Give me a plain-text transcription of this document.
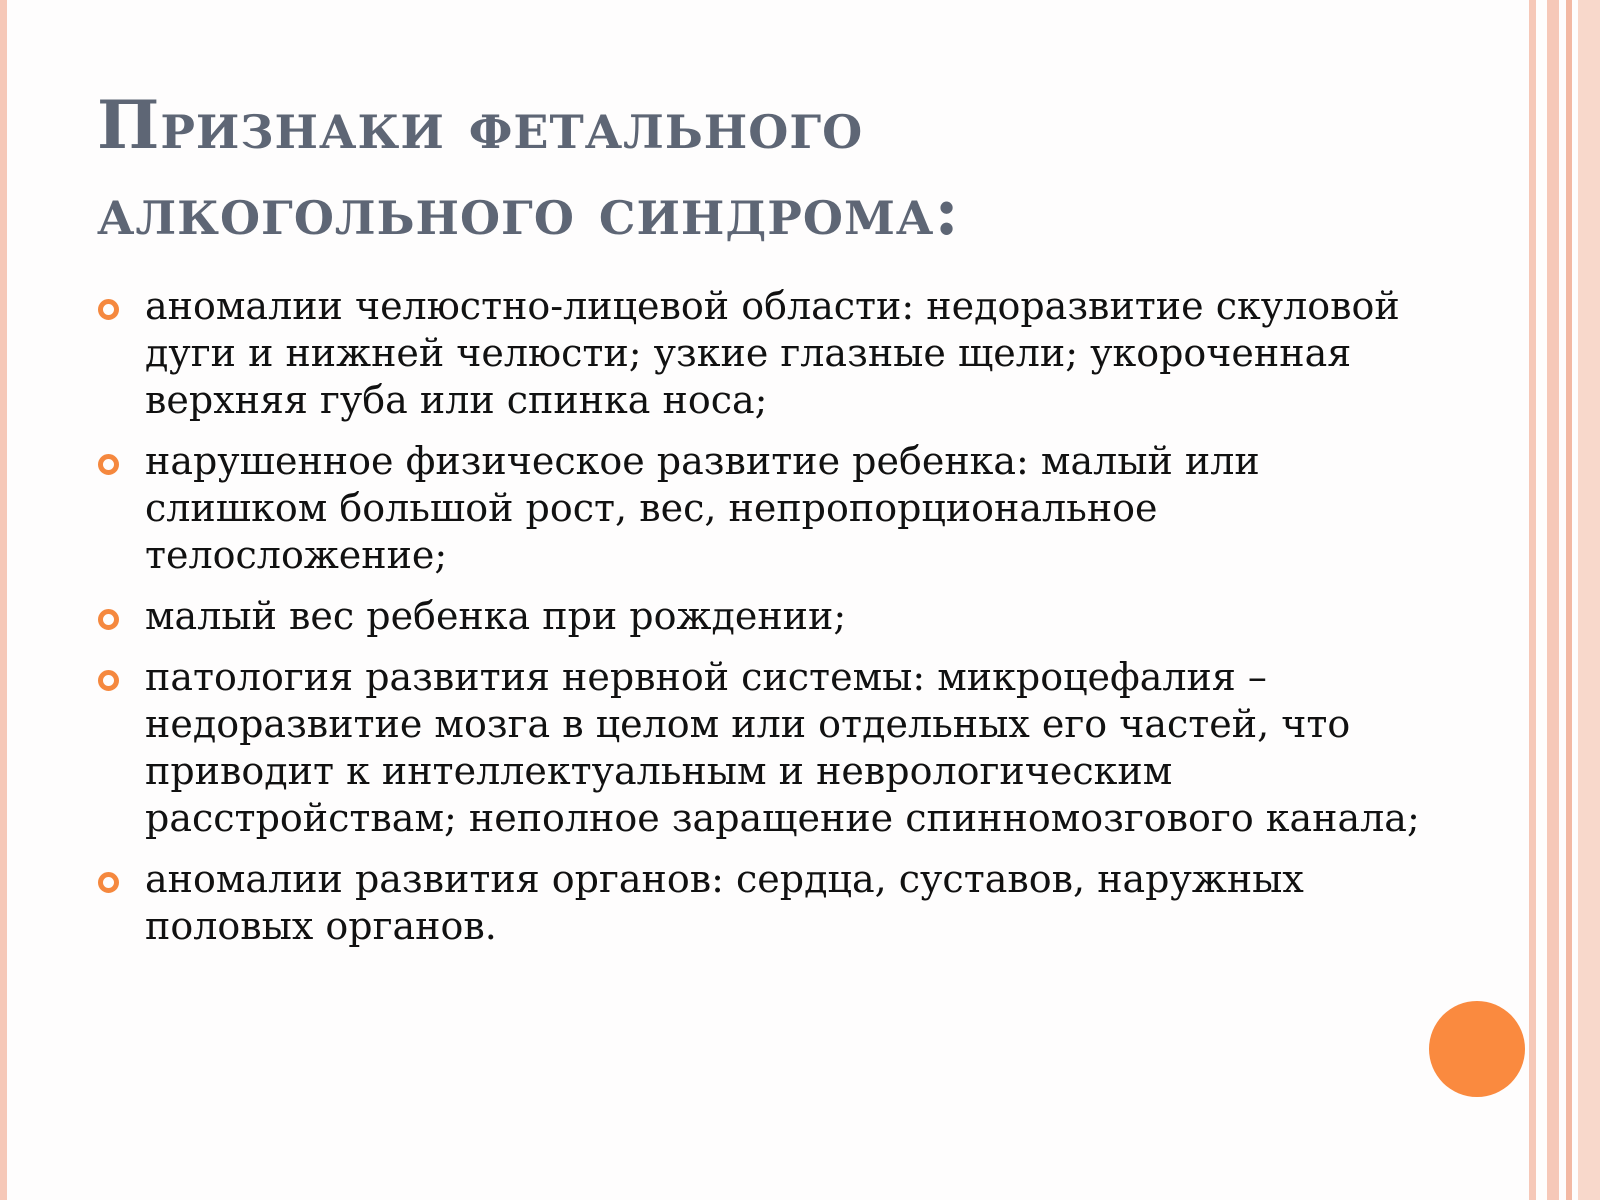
Признаки фетального
алкогольного синдрома:
аномалии челюстно-лицевой области: недоразвитие скуловой дуги и нижней челюсти; узкие глазные щели; укороченная верхняя губа или спинка носа;
нарушенное физическое развитие ребенка: малый или слишком большой рост, вес, непропорциональное телосложение;
малый вес ребенка при рождении;
патология развития нервной системы: микроцефалия – недоразвитие мозга в целом или отдельных его частей, что приводит к интеллектуальным и неврологическим расстройствам; неполное заращение спинномозгового канала;
аномалии развития органов: сердца, суставов, наружных половых органов.
